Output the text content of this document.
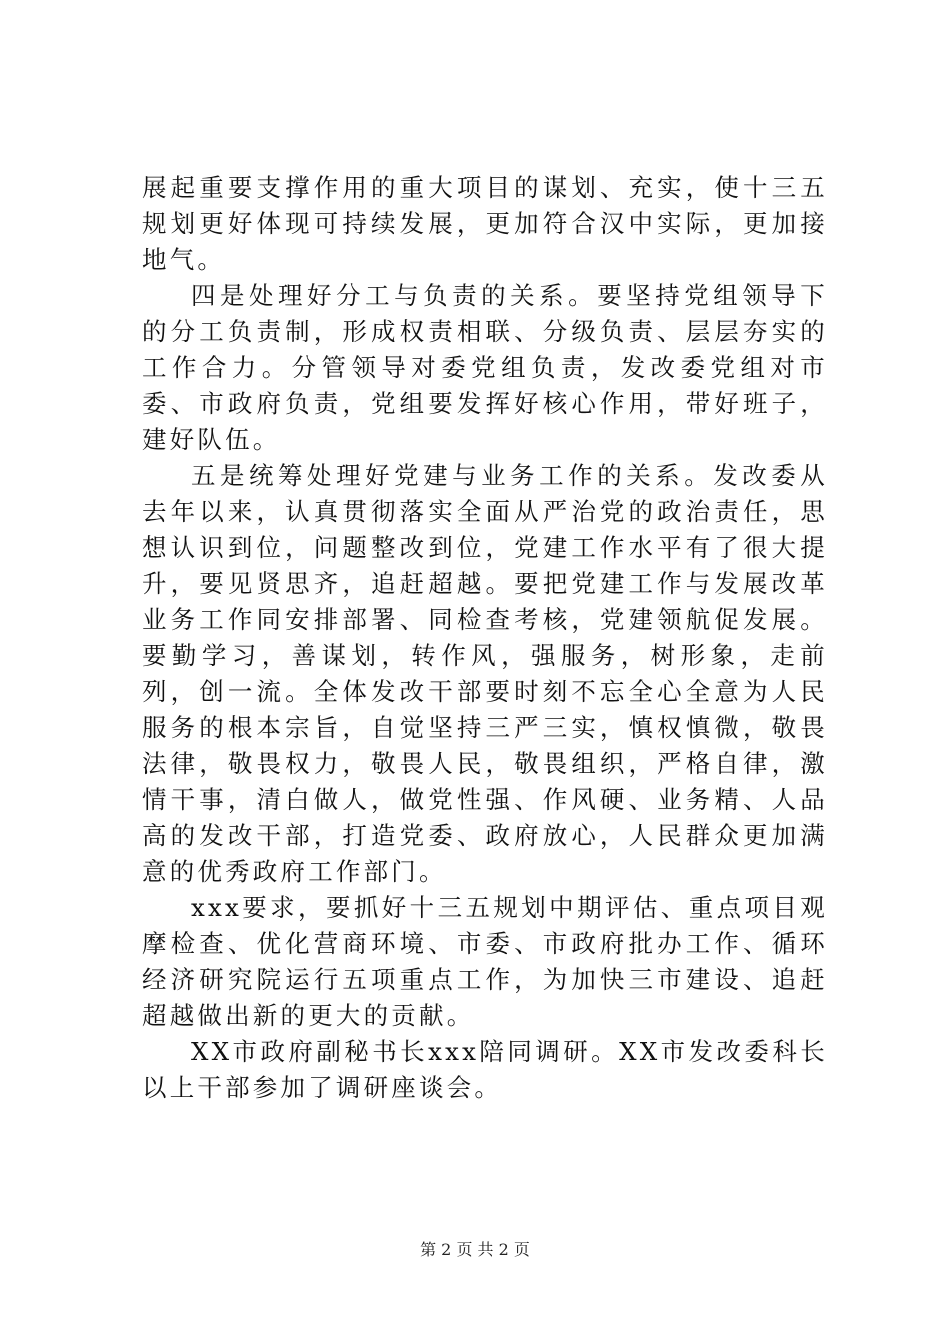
展起重要支撑作用的重大项目的谋划、充实，使十三五规划更好体现可持续发展，更加符合汉中实际，更加接地气。

四是处理好分工与负责的关系。要坚持党组领导下的分工负责制，形成权责相联、分级负责、层层夯实的工作合力。分管领导对委党组负责，发改委党组对市委、市政府负责，党组要发挥好核心作用，带好班子，建好队伍。

五是统筹处理好党建与业务工作的关系。发改委从去年以来，认真贯彻落实全面从严治党的政治责任，思想认识到位，问题整改到位，党建工作水平有了很大提升，要见贤思齐，追赶超越。要把党建工作与发展改革业务工作同安排部署、同检查考核，党建领航促发展。要勤学习，善谋划，转作风，强服务，树形象，走前列，创一流。全体发改干部要时刻不忘全心全意为人民服务的根本宗旨，自觉坚持三严三实，慎权慎微，敬畏法律，敬畏权力，敬畏人民，敬畏组织，严格自律，激情干事，清白做人，做党性强、作风硬、业务精、人品高的发改干部，打造党委、政府放心，人民群众更加满意的优秀政府工作部门。

xxx要求，要抓好十三五规划中期评估、重点项目观摩检查、优化营商环境、市委、市政府批办工作、循环经济研究院运行五项重点工作，为加快三市建设、追赶超越做出新的更大的贡献。

XX市政府副秘书长xxx陪同调研。XX市发改委科长以上干部参加了调研座谈会。

第 2 页 共 2 页
